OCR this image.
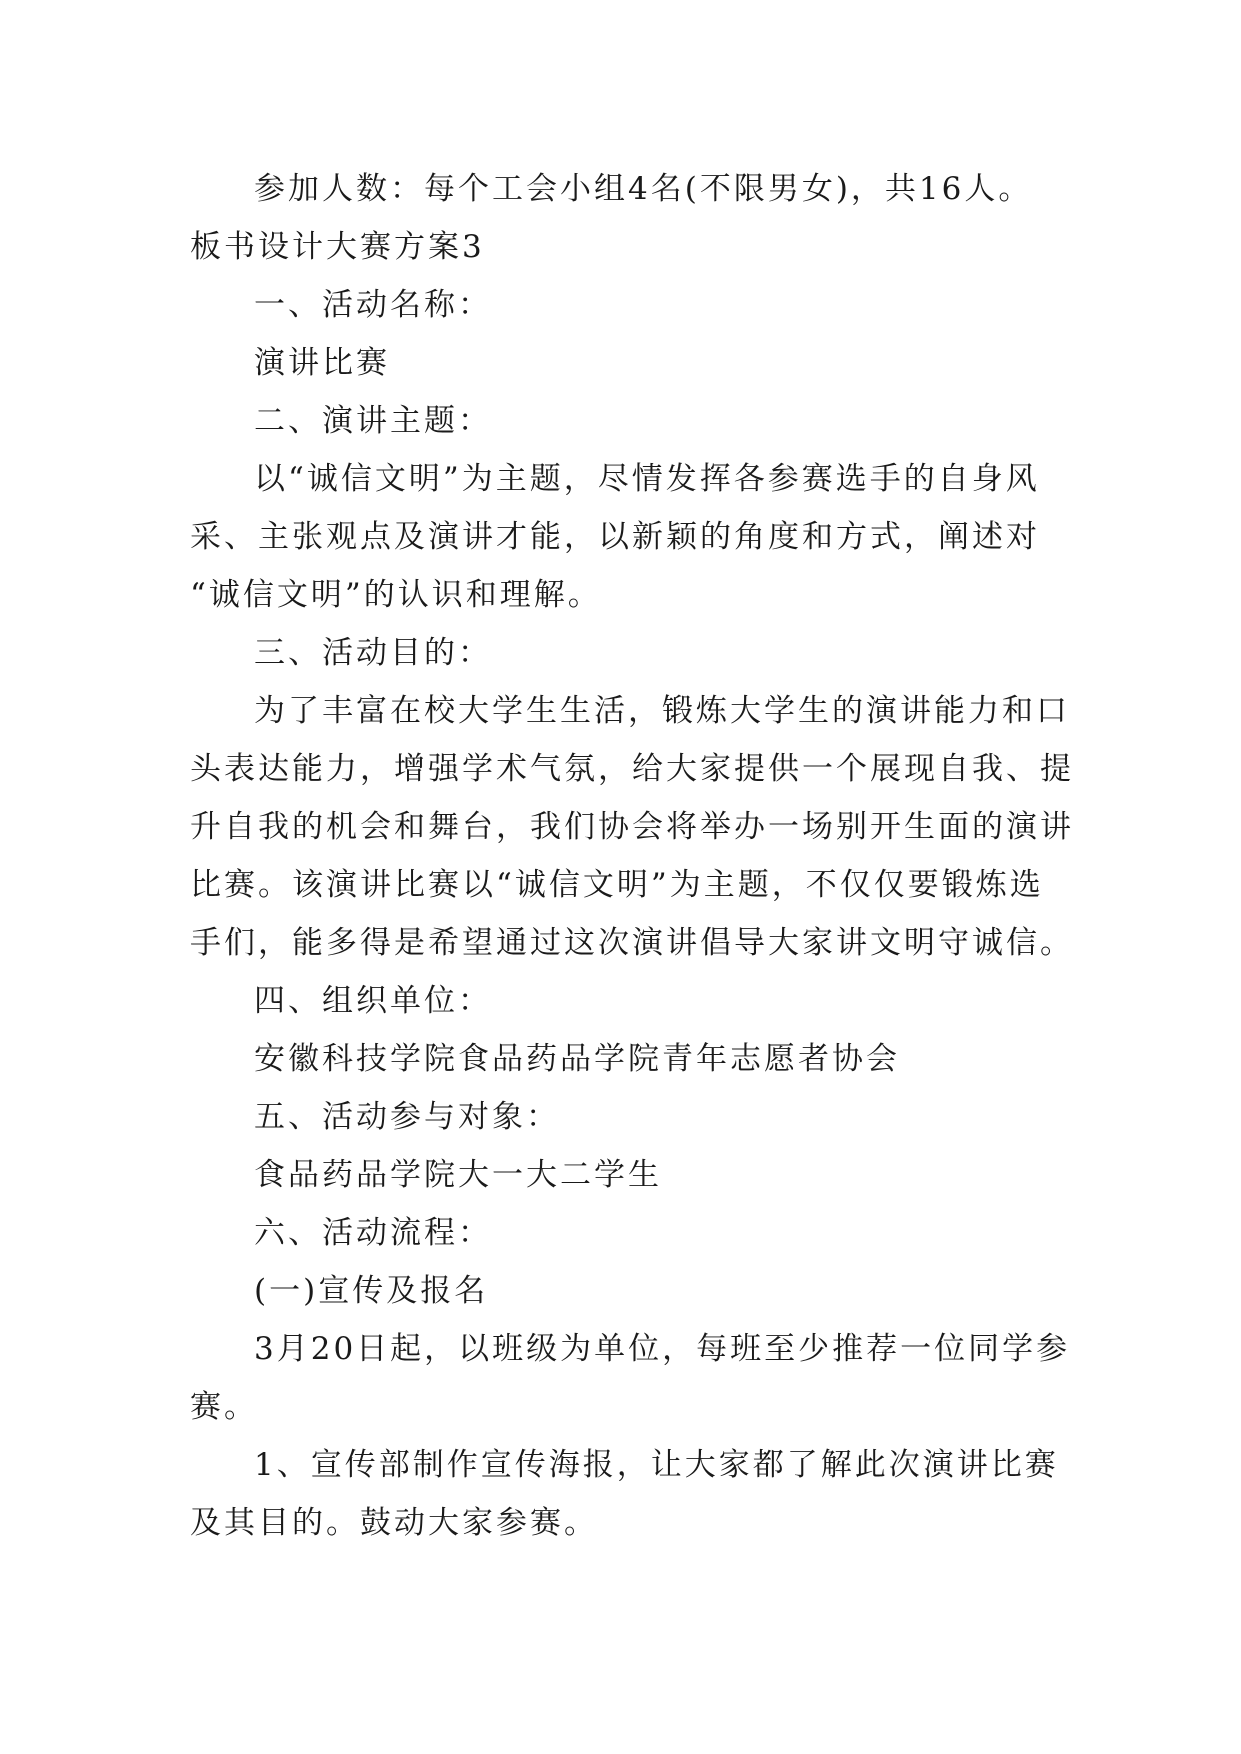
参加人数：每个工会小组4名(不限男女)，共16人。
板书设计大赛方案3
一、活动名称：
演讲比赛
二、演讲主题：
以“诚信文明”为主题，尽情发挥各参赛选手的自身风
采、主张观点及演讲才能，以新颖的角度和方式，阐述对
“诚信文明”的认识和理解。
三、活动目的：
为了丰富在校大学生生活，锻炼大学生的演讲能力和口
头表达能力，增强学术气氛，给大家提供一个展现自我、提
升自我的机会和舞台，我们协会将举办一场别开生面的演讲
比赛。该演讲比赛以“诚信文明”为主题，不仅仅要锻炼选
手们，能多得是希望通过这次演讲倡导大家讲文明守诚信。
四、组织单位：
安徽科技学院食品药品学院青年志愿者协会
五、活动参与对象：
食品药品学院大一大二学生
六、活动流程：
(一)宣传及报名
3月20日起，以班级为单位，每班至少推荐一位同学参
赛。
1、宣传部制作宣传海报，让大家都了解此次演讲比赛
及其目的。鼓动大家参赛。
